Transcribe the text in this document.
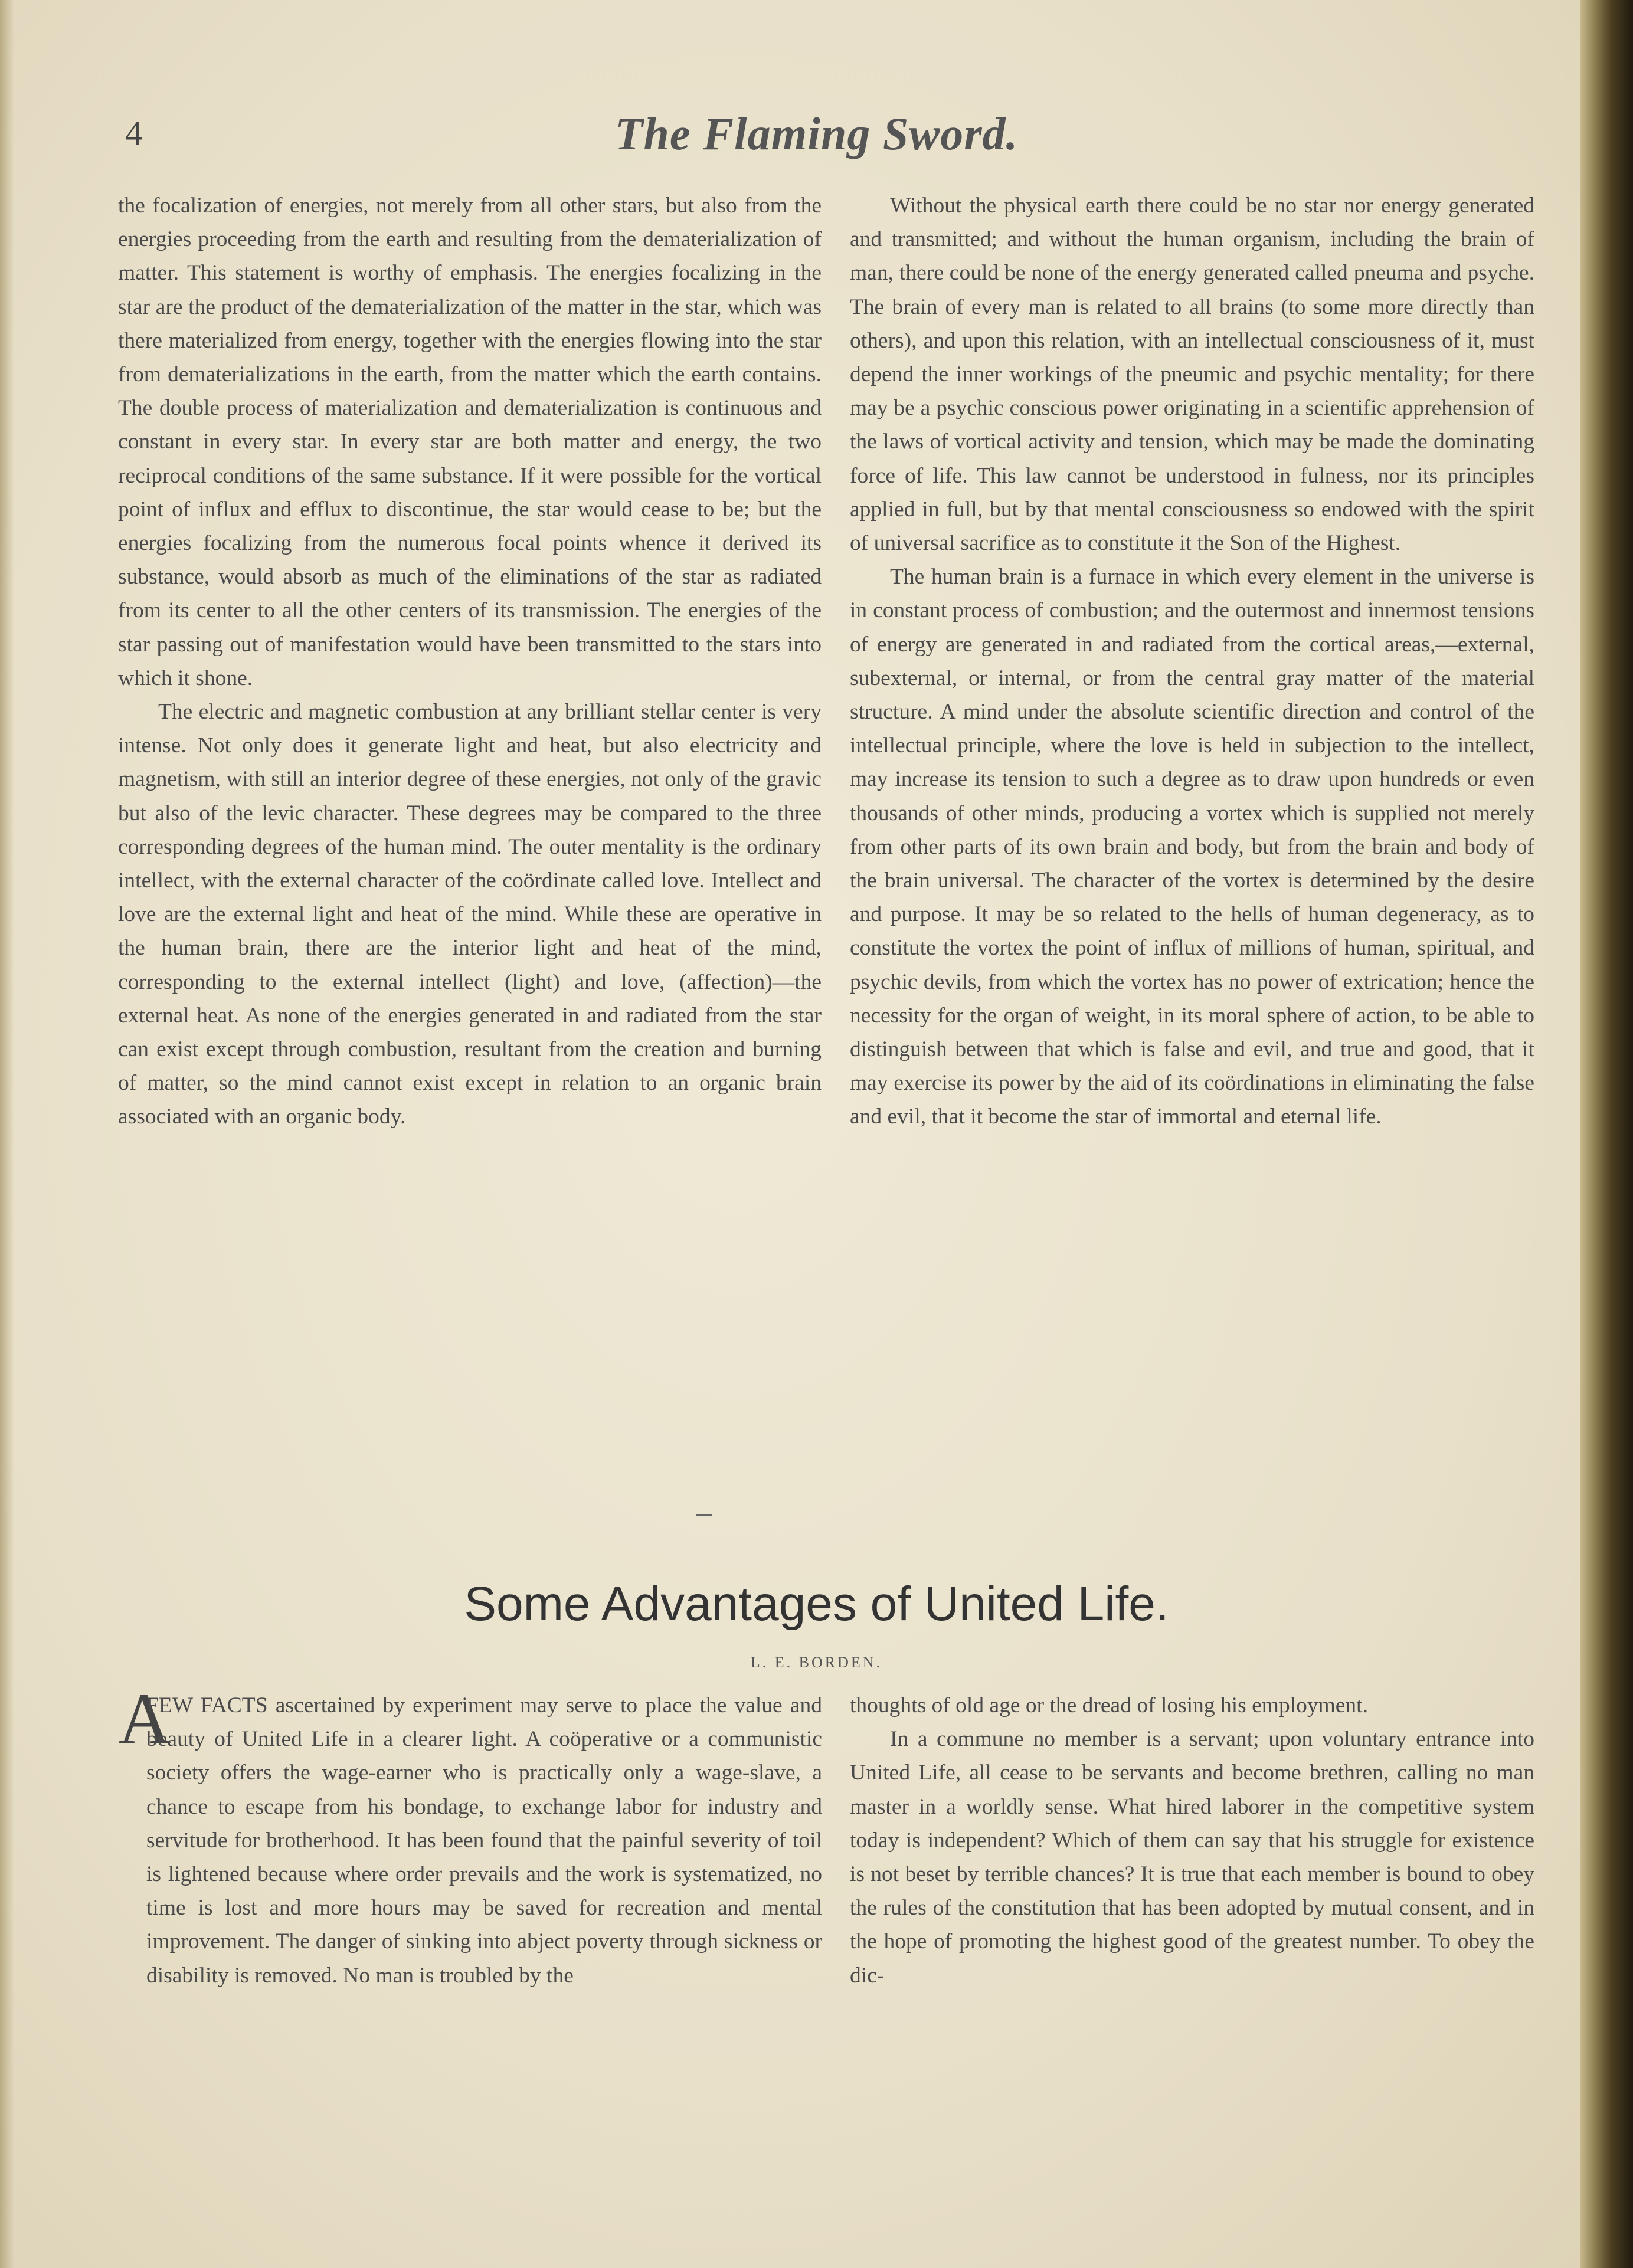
4	The Flaming Sword.

the focalization of energies, not merely from all other stars, but also from the energies proceeding from the earth and resulting from the dematerialization of matter. This statement is worthy of emphasis. The energies focalizing in the star are the product of the dematerialization of the matter in the star, which was there materialized from energy, together with the energies flowing into the star from dematerializations in the earth, from the matter which the earth contains. The double process of materialization and dematerialization is continuous and constant in every star. In every star are both matter and energy, the two reciprocal conditions of the same substance. If it were possible for the vortical point of influx and efflux to discontinue, the star would cease to be; but the energies focalizing from the numerous focal points whence it derived its substance, would absorb as much of the eliminations of the star as radiated from its center to all the other centers of its transmission. The energies of the star passing out of manifestation would have been transmitted to the stars into which it shone.

The electric and magnetic combustion at any brilliant stellar center is very intense. Not only does it generate light and heat, but also electricity and magnetism, with still an interior degree of these energies, not only of the gravic but also of the levic character. These degrees may be compared to the three corresponding degrees of the human mind. The outer mentality is the ordinary intellect, with the external character of the coördinate called love. Intellect and love are the external light and heat of the mind. While these are operative in the human brain, there are the interior light and heat of the mind, corresponding to the external intellect (light) and love, (affection)—the external heat. As none of the energies generated in and radiated from the star can exist except through combustion, resultant from the creation and burning of matter, so the mind cannot exist except in relation to an organic brain associated with an organic body.

Without the physical earth there could be no star nor energy generated and transmitted; and without the human organism, including the brain of man, there could be none of the energy generated called pneuma and psyche. The brain of every man is related to all brains (to some more directly than others), and upon this relation, with an intellectual consciousness of it, must depend the inner workings of the pneumic and psychic mentality; for there may be a psychic conscious power originating in a scientific apprehension of the laws of vortical activity and tension, which may be made the dominating force of life. This law cannot be understood in fulness, nor its principles applied in full, but by that mental consciousness so endowed with the spirit of universal sacrifice as to constitute it the Son of the Highest.

The human brain is a furnace in which every element in the universe is in constant process of combustion; and the outermost and innermost tensions of energy are generated in and radiated from the cortical areas,—external, subexternal, or internal, or from the central gray matter of the material structure. A mind under the absolute scientific direction and control of the intellectual principle, where the love is held in subjection to the intellect, may increase its tension to such a degree as to draw upon hundreds or even thousands of other minds, producing a vortex which is supplied not merely from other parts of its own brain and body, but from the brain and body of the brain universal. The character of the vortex is determined by the desire and purpose. It may be so related to the hells of human degeneracy, as to constitute the vortex the point of influx of millions of human, spiritual, and psychic devils, from which the vortex has no power of extrication; hence the necessity for the organ of weight, in its moral sphere of action, to be able to distinguish between that which is false and evil, and true and good, that it may exercise its power by the aid of its coördinations in eliminating the false and evil, that it become the star of immortal and eternal life.

Some Advantages of United Life.
L. E. BORDEN.
A

FEW FACTS ascertained by experiment may serve to place the value and beauty of United Life in a clearer light. A coöperative or a communistic society offers the wage-earner who is practically only a wage-slave, a chance to escape from his bondage, to exchange labor for industry and servitude for brotherhood. It has been found that the painful severity of toil is lightened because where order prevails and the work is systematized, no time is lost and more hours may be saved for recreation and mental improvement. The danger of sinking into abject poverty through sickness or disability is removed. No man is troubled by the

thoughts of old age or the dread of losing his employment.

In a commune no member is a servant; upon voluntary entrance into United Life, all cease to be servants and become brethren, calling no man master in a worldly sense. What hired laborer in the competitive system today is independent? Which of them can say that his struggle for existence is not beset by terrible chances? It is true that each member is bound to obey the rules of the constitution that has been adopted by mutual consent, and in the hope of promoting the highest good of the greatest number. To obey the dic-
